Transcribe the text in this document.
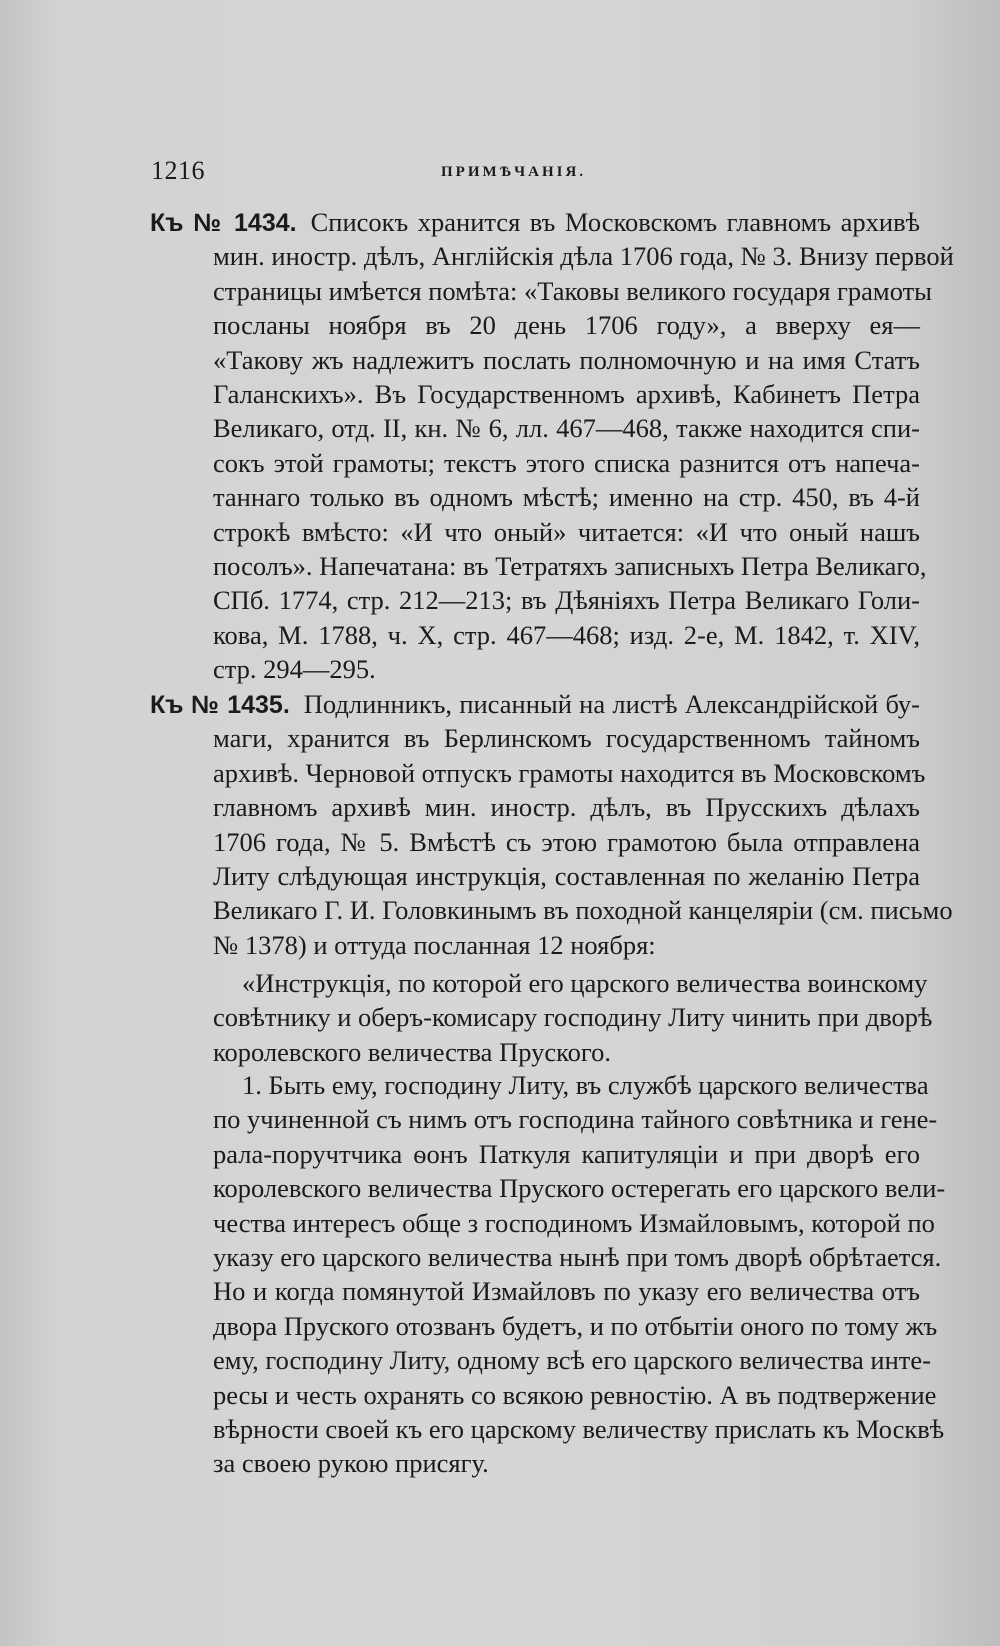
1216	ПРИМѢЧАНIЯ.
Къ № 1434. Списокъ хранится въ Московскомъ главномъ архивѣ
мин. иностр. дѣлъ, Англiйскiя дѣла 1706 года, № 3. Внизу первой
страницы имѣется помѣта: «Таковы великого государя грамоты
посланы ноября въ 20 день 1706 году», а вверху ея—
«Такову жъ надлежитъ послать полномочную и на имя Статъ
Галанскихъ». Въ Государственномъ архивѣ, Кабинетъ Петра
Великаго, отд. II, кн. № 6, лл. 467—468, также находится спи-
сокъ этой грамоты; текстъ этого списка разнится отъ напеча-
таннаго только въ одномъ мѣстѣ; именно на стр. 450, въ 4-й
строкѣ вмѣсто: «И что оный» читается: «И что оный нашъ
посолъ». Напечатана: въ Тетратяхъ записныхъ Петра Великаго,
СПб. 1774, стр. 212—213; въ Дѣянiяхъ Петра Великаго Голи-
кова, М. 1788, ч. X, стр. 467—468; изд. 2-е, М. 1842, т. XIV,
стр. 294—295.
Къ № 1435. Подлинникъ, писанный на листѣ Александрiйской бу-
маги, хранится въ Берлинскомъ государственномъ тайномъ
архивѣ. Черновой отпускъ грамоты находится въ Московскомъ
главномъ архивѣ мин. иностр. дѣлъ, въ Прусскихъ дѣлахъ
1706 года, № 5. Вмѣстѣ съ этою грамотою была отправлена
Литу слѣдующая инструкцiя, составленная по желанiю Петра
Великаго Г. И. Головкинымъ въ походной канцелярiи (см. письмо
№ 1378) и оттуда посланная 12 ноября:
«Инструкцiя, по которой его царского величества воинскому
совѣтнику и оберъ-комисару господину Литу чинить при дворѣ
королевского величества Пруского.
1. Быть ему, господину Литу, въ службѣ царского величества
по учиненной съ нимъ отъ господина тайного совѣтника и гене-
рала-поручтчика ѳонъ Паткуля капитуляцiи и при дворѣ его
королевского величества Пруского остерегать его царского вели-
чества интересъ обще з господиномъ Измайловымъ, которой по
указу его царского величества нынѣ при томъ дворѣ обрѣтается.
Но и когда помянутой Измайловъ по указу его величества отъ
двора Пруского отозванъ будетъ, и по отбытiи оного по тому жъ
ему, господину Литу, одному всѣ его царского величества инте-
ресы и честь охранять со всякою ревностiю. А въ подтвержение
вѣрности своей къ его царскому величеству прислать къ Москвѣ
за своею рукою присягу.
